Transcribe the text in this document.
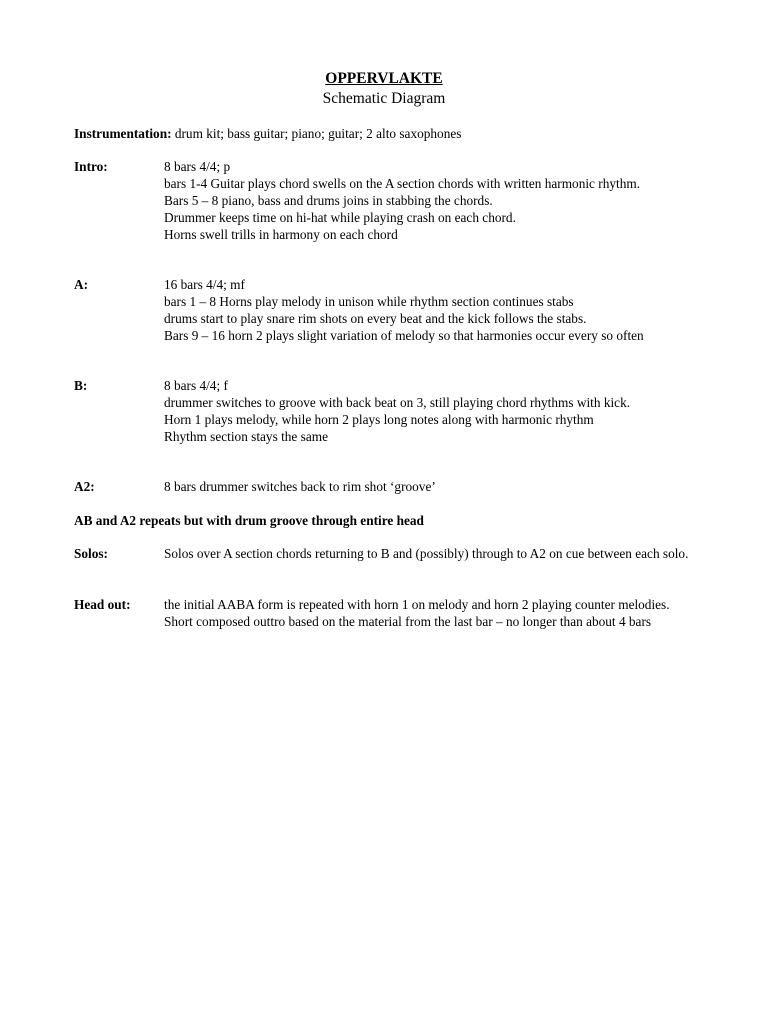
OPPERVLAKTE
Schematic Diagram
Instrumentation: drum kit; bass guitar; piano; guitar; 2 alto saxophones
Intro:	8 bars 4/4; p
bars 1-4 Guitar plays chord swells on the A section chords with written harmonic rhythm.
Bars 5 – 8 piano, bass and drums joins in stabbing the chords.
Drummer keeps time on hi-hat while playing crash on each chord.
Horns swell trills in harmony on each chord
A:	16 bars 4/4; mf
bars 1 – 8 Horns play melody in unison while rhythm section continues stabs
drums start to play snare rim shots on every beat and the kick follows the stabs.
Bars 9 – 16 horn 2 plays slight variation of melody so that harmonies occur every so often
B:	8 bars 4/4; f
drummer switches to groove with back beat on 3, still playing chord rhythms with kick.
Horn 1 plays melody, while horn 2 plays long notes along with harmonic rhythm
Rhythm section stays the same
A2:	8 bars drummer switches back to rim shot ‘groove’
AB and A2 repeats but with drum groove through entire head
Solos:	Solos over A section chords returning to B and (possibly) through to A2 on cue between each solo.
Head out:	the initial AABA form is repeated with horn 1 on melody and horn 2 playing counter melodies. Short composed outtro based on the material from the last bar – no longer than about 4 bars
